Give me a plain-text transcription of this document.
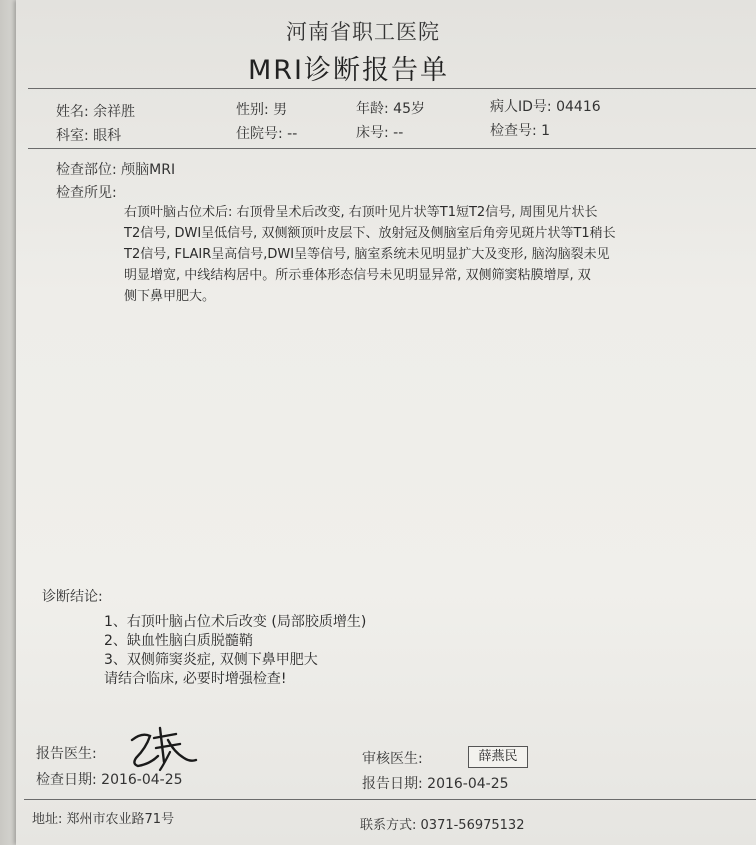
河南省职工医院
MRI诊断报告单
姓名: 余祥胜	性别: 男	年龄: 45岁	病人ID号: 04416
科室: 眼科	住院号: --	床号: --	检查号: 1
检查部位: 颅脑MRI
检查所见:
右顶叶脑占位术后: 右顶骨呈术后改变, 右顶叶见片状等T1短T2信号, 周围见片状长
T2信号, DWI呈低信号, 双侧额顶叶皮层下、放射冠及侧脑室后角旁见斑片状等T1稍长
T2信号, FLAIR呈高信号,DWI呈等信号, 脑室系统未见明显扩大及变形, 脑沟脑裂未见
明显增宽, 中线结构居中。所示垂体形态信号未见明显异常, 双侧筛窦粘膜增厚, 双
侧下鼻甲肥大。
诊断结论:
1、右顶叶脑占位术后改变 (局部胶质增生)
2、缺血性脑白质脱髓鞘
3、双侧筛窦炎症, 双侧下鼻甲肥大
请结合临床, 必要时增强检查!
报告医生:	审核医生:	薛燕民
检查日期: 2016-04-25	报告日期: 2016-04-25
地址: 郑州市农业路71号	联系方式: 0371-56975132
